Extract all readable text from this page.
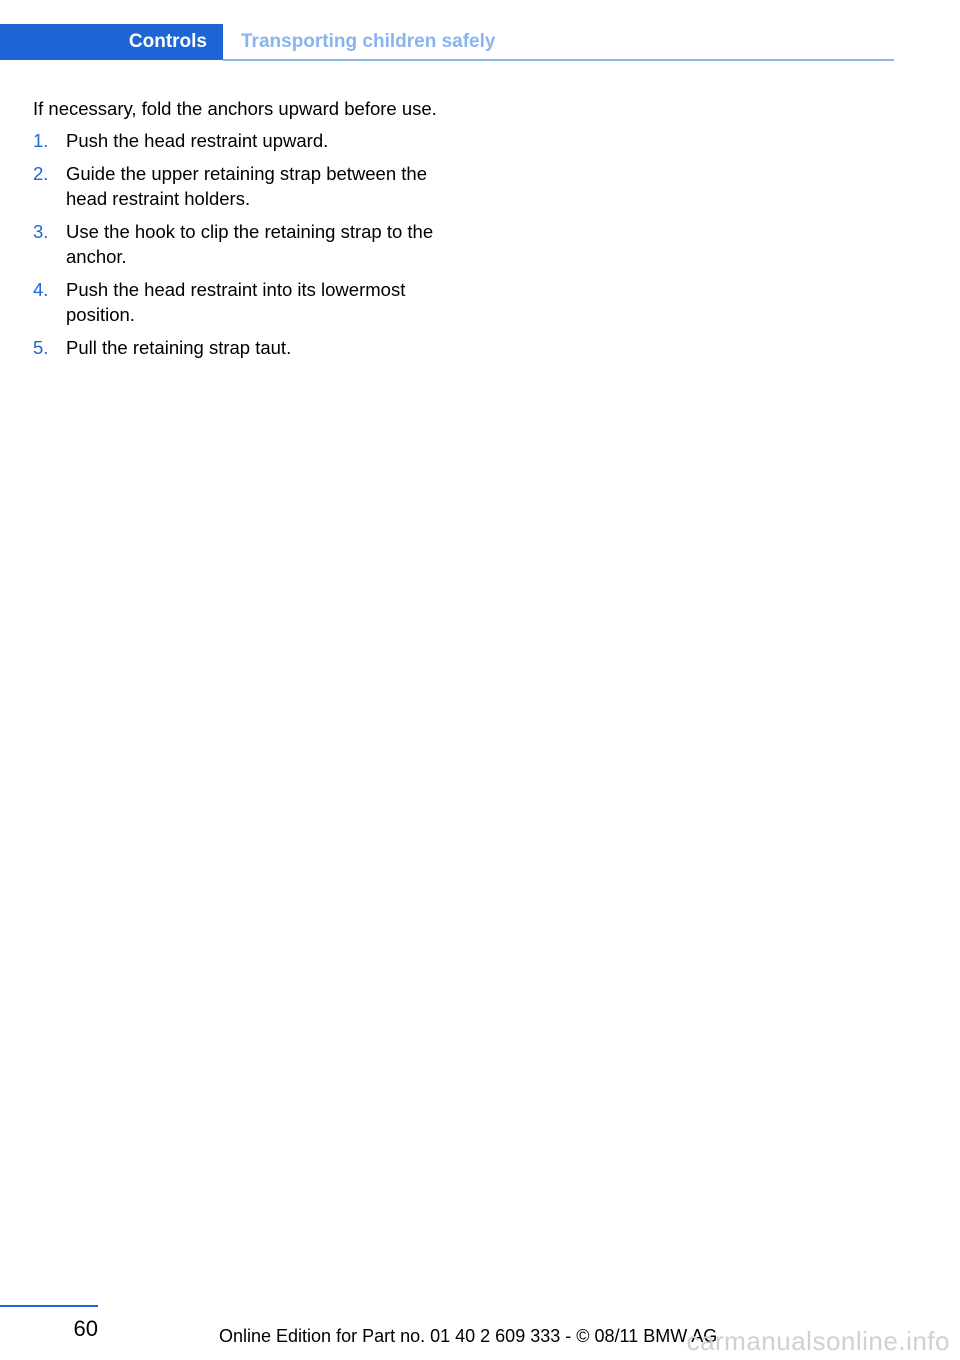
Controls	Transporting children safely

If necessary, fold the anchors upward before use.

1. Push the head restraint upward.
2. Guide the upper retaining strap between the head restraint holders.
3. Use the hook to clip the retaining strap to the anchor.
4. Push the head restraint into its lowermost position.
5. Pull the retaining strap taut.
60	Online Edition for Part no. 01 40 2 609 333 - © 08/11 BMW AG
carmanualsonline.info
